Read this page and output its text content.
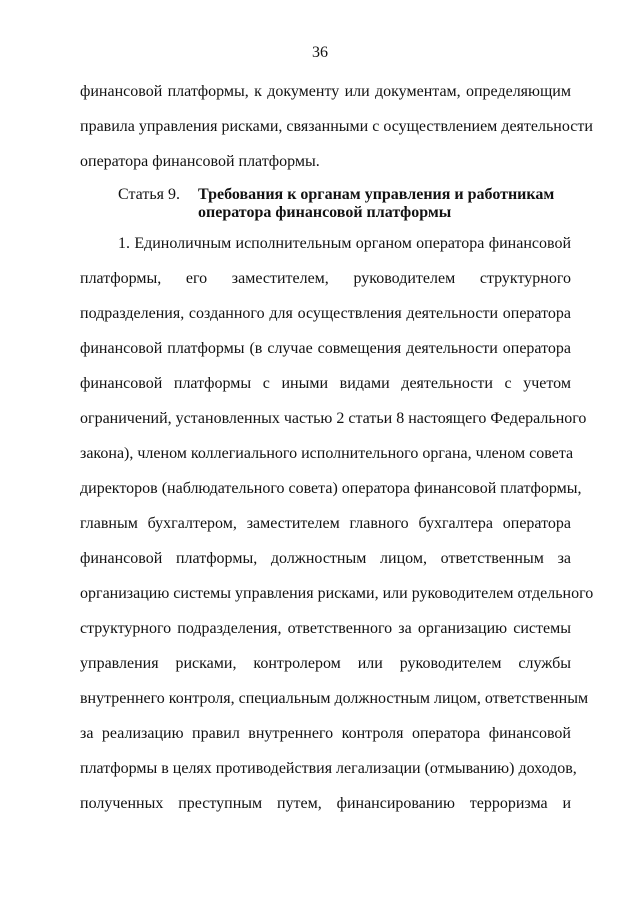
36
финансовой платформы, к документу или документам, определяющим
правила управления рисками, связанными с осуществлением деятельности
оператора финансовой платформы.
Статья 9. Требования к органам управления и работникам
оператора финансовой платформы
1. Единоличным исполнительным органом оператора финансовой
платформы, его заместителем, руководителем структурного
подразделения, созданного для осуществления деятельности оператора
финансовой платформы (в случае совмещения деятельности оператора
финансовой платформы с иными видами деятельности с учетом
ограничений, установленных частью 2 статьи 8 настоящего Федерального
закона), членом коллегиального исполнительного органа, членом совета
директоров (наблюдательного совета) оператора финансовой платформы,
главным бухгалтером, заместителем главного бухгалтера оператора
финансовой платформы, должностным лицом, ответственным за
организацию системы управления рисками, или руководителем отдельного
структурного подразделения, ответственного за организацию системы
управления рисками, контролером или руководителем службы
внутреннего контроля, специальным должностным лицом, ответственным
за реализацию правил внутреннего контроля оператора финансовой
платформы в целях противодействия легализации (отмыванию) доходов,
полученных преступным путем, финансированию терроризма и
